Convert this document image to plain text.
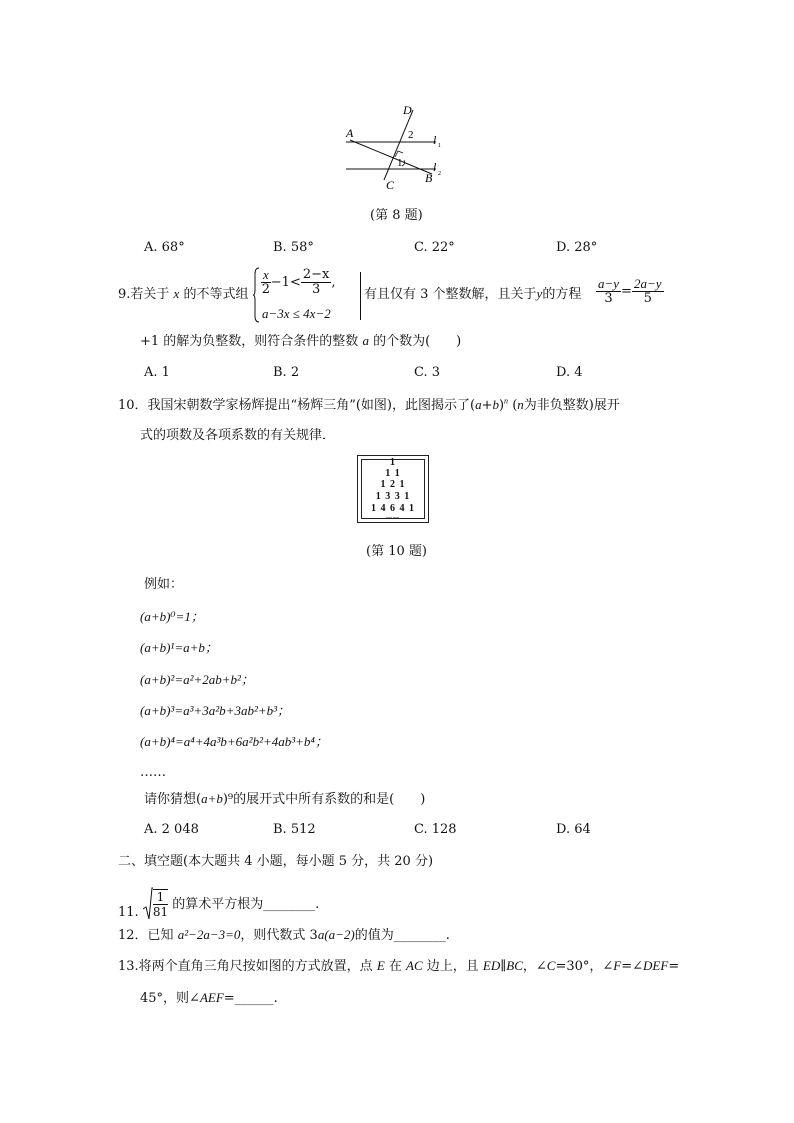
D
A	2 l 1
1	l 2
C	B
(第 8 题)
A. 68°	B. 58°	C. 22°	D. 28°
9.若关于 x 的不等式组 $\frac{x}{2} -1< \frac{2-x}{3}$ ,
a−3x ≤ 4x−2
有且仅有 3 个整数解，且关于y的方程 $\frac{a-y}{3} = \frac{2a-y}{5}$
+1 的解为负整数，则符合条件的整数 a 的个数为(　　)
A. 1	B. 2	C. 3	D. 4
10．我国宋朝数学家杨辉提出“杨辉三角”(如图)，此图揭示了$(a+b)^n$ (n为非负整数)展开
式的项数及各项系数的有关规律．
1
1 1
1 2 1
1 3 3 1
1 4 6 4 1
……
(第 10 题)
例如：
(a+b)⁰=1；
(a+b)¹=a+b；
(a+b)²=a²+2ab+b²；
(a+b)³=a³+3a²b+3ab²+b³；
(a+b)⁴=a⁴+4a³b+6a²b²+4ab³+b⁴；
……
请你猜想(a+b)⁹的展开式中所有系数的和是(　　)
A. 2 048	B. 512	C. 128	D. 64
二、填空题(本大题共 4 小题，每小题 5 分，共 20 分)
11. $\frac{1}{81}$ 的算术平方根为________.
12．已知 a²−2a−3=0，则代数式 3a(a−2)的值为________.
13.将两个直角三角尺按如图的方式放置，点 E 在 AC 边上，且 ED∥BC，∠C=30°，∠F=∠DEF=
45°，则∠AEF=______.
